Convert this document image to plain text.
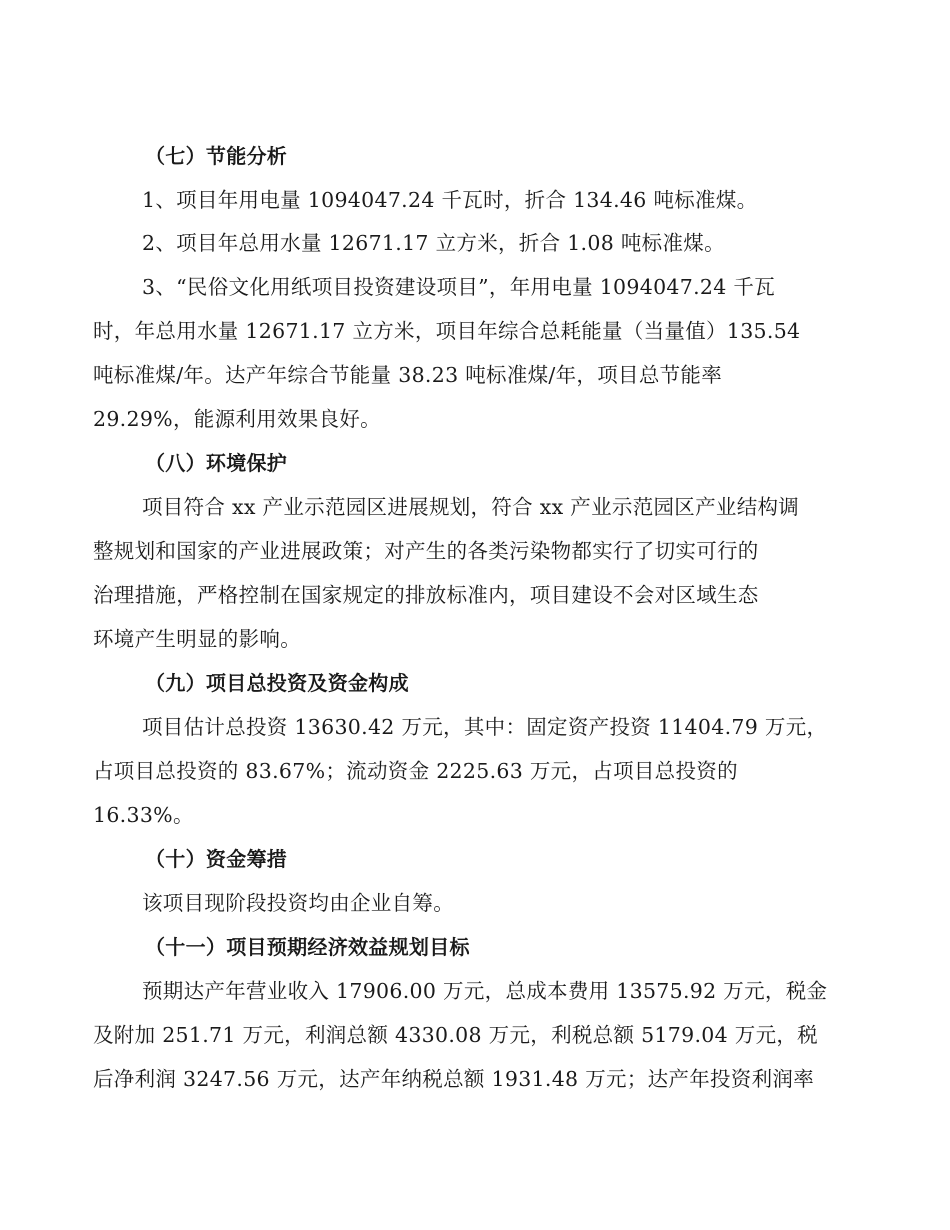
（七）节能分析
1、项目年用电量 1094047.24 千瓦时，折合 134.46 吨标准煤。
2、项目年总用水量 12671.17 立方米，折合 1.08 吨标准煤。
3、“民俗文化用纸项目投资建设项目”，年用电量 1094047.24 千瓦
时，年总用水量 12671.17 立方米，项目年综合总耗能量（当量值）135.54
吨标准煤/年。达产年综合节能量 38.23 吨标准煤/年，项目总节能率
29.29%，能源利用效果良好。
（八）环境保护
项目符合 xx 产业示范园区进展规划，符合 xx 产业示范园区产业结构调
整规划和国家的产业进展政策；对产生的各类污染物都实行了切实可行的
治理措施，严格控制在国家规定的排放标准内，项目建设不会对区域生态
环境产生明显的影响。
（九）项目总投资及资金构成
项目估计总投资 13630.42 万元，其中：固定资产投资 11404.79 万元，
占项目总投资的 83.67%；流动资金 2225.63 万元，占项目总投资的
16.33%。
（十）资金筹措
该项目现阶段投资均由企业自筹。
（十一）项目预期经济效益规划目标
预期达产年营业收入 17906.00 万元，总成本费用 13575.92 万元，税金
及附加 251.71 万元，利润总额 4330.08 万元，利税总额 5179.04 万元，税
后净利润 3247.56 万元，达产年纳税总额 1931.48 万元；达产年投资利润率
